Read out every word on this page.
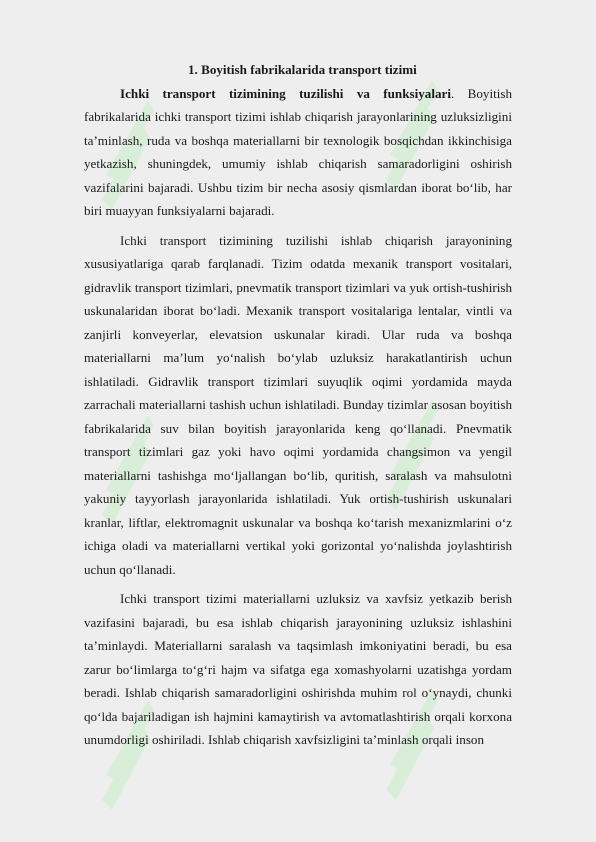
1. Boyitish fabrikalarida transport tizimi

Ichki transport tizimining tuzilishi va funksiyalari. Boyitish fabrikalarida ichki transport tizimi ishlab chiqarish jarayonlarining uzluksizligini ta’minlash, ruda va boshqa materiallarni bir texnologik bosqichdan ikkinchisiga yetkazish, shuningdek, umumiy ishlab chiqarish samaradorligini oshirish vazifalarini bajaradi. Ushbu tizim bir necha asosiy qismlardan iborat bo‘lib, har biri muayyan funksiyalarni bajaradi.

Ichki transport tizimining tuzilishi ishlab chiqarish jarayonining xususiyatlariga qarab farqlanadi. Tizim odatda mexanik transport vositalari, gidravlik transport tizimlari, pnevmatik transport tizimlari va yuk ortish-tushirish uskunalaridan iborat bo‘ladi. Mexanik transport vositalariga lentalar, vintli va zanjirli konveyerlar, elevatsion uskunalar kiradi. Ular ruda va boshqa materiallarni ma’lum yo‘nalish bo‘ylab uzluksiz harakatlantirish uchun ishlatiladi. Gidravlik transport tizimlari suyuqlik oqimi yordamida mayda zarrachali materiallarni tashish uchun ishlatiladi. Bunday tizimlar asosan boyitish fabrikalarida suv bilan boyitish jarayonlarida keng qo‘llanadi. Pnevmatik transport tizimlari gaz yoki havo oqimi yordamida changsimon va yengil materiallarni tashishga mo‘ljallangan bo‘lib, quritish, saralash va mahsulotni yakuniy tayyorlash jarayonlarida ishlatiladi. Yuk ortish-tushirish uskunalari kranlar, liftlar, elektromagnit uskunalar va boshqa ko‘tarish mexanizmlarini o‘z ichiga oladi va materiallarni vertikal yoki gorizontal yo‘nalishda joylashtirish uchun qo‘llanadi.

Ichki transport tizimi materiallarni uzluksiz va xavfsiz yetkazib berish vazifasini bajaradi, bu esa ishlab chiqarish jarayonining uzluksiz ishlashini ta’minlaydi. Materiallarni saralash va taqsimlash imkoniyatini beradi, bu esa zarur bo‘limlarga to‘g‘ri hajm va sifatga ega xomashyolarni uzatishga yordam beradi. Ishlab chiqarish samaradorligini oshirishda muhim rol o‘ynaydi, chunki qo‘lda bajariladigan ish hajmini kamaytirish va avtomatlashtirish orqali korxona unumdorligi oshiriladi. Ishlab chiqarish xavfsizligini ta’minlash orqali inson
